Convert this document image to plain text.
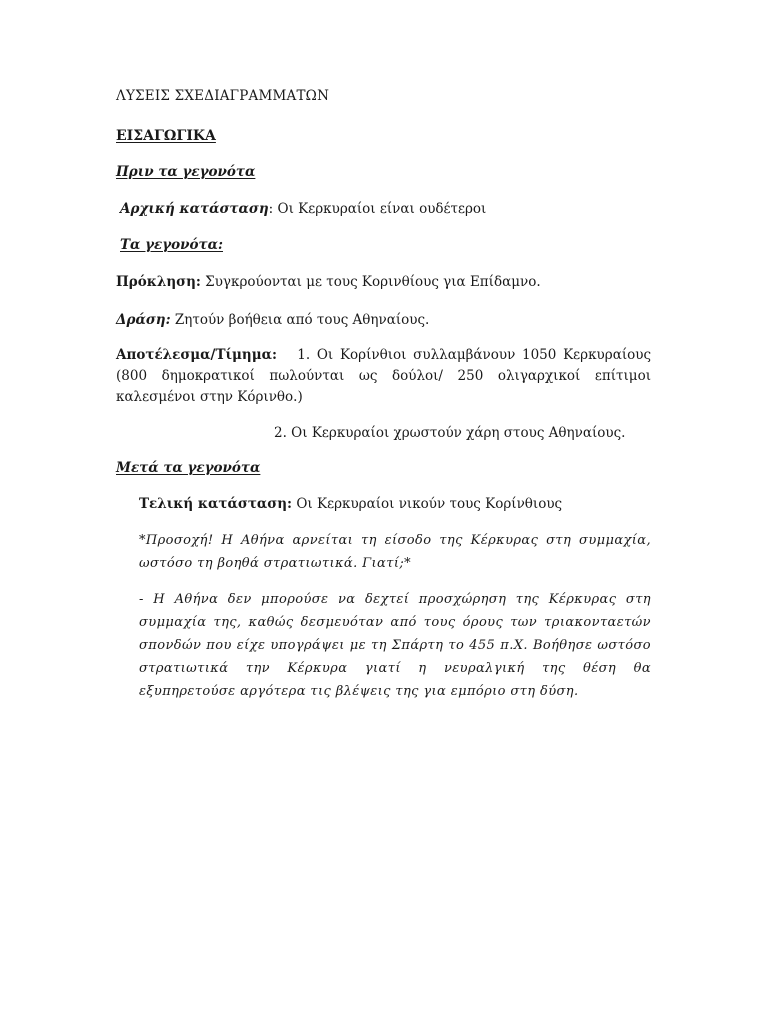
ΛΥΣΕΙΣ ΣΧΕΔΙΑΓΡΑΜΜΑΤΩΝ
ΕΙΣΑΓΩΓΙΚΑ
Πριν τα γεγονότα
Αρχική κατάσταση: Οι Κερκυραίοι είναι ουδέτεροι
Τα γεγονότα:
Πρόκληση: Συγκρούονται με τους Κορινθίους για Επίδαμνο.
Δράση: Ζητούν βοήθεια από τους Αθηναίους.
Αποτέλεσμα/Τίμημα: 1. Οι Κορίνθιοι συλλαμβάνουν 1050 Κερκυραίους
(800 δημοκρατικοί πωλούνται ως δούλοι/ 250 ολιγαρχικοί επίτιμοι
καλεσμένοι στην Κόρινθο.)
2. Οι Κερκυραίοι χρωστούν χάρη στους Αθηναίους.
Μετά τα γεγονότα
Τελική κατάσταση: Οι Κερκυραίοι νικούν τους Κορίνθιους
*Προσοχή! Η Αθήνα αρνείται τη είσοδο της Κέρκυρας στη συμμαχία,
ωστόσο τη βοηθά στρατιωτικά. Γιατί;*
- Η Αθήνα δεν μπορούσε να δεχτεί προσχώρηση της Κέρκυρας στη
συμμαχία της, καθώς δεσμευόταν από τους όρους των τριακονταετών
σπονδών που είχε υπογράψει με τη Σπάρτη το 455 π.Χ. Βοήθησε ωστόσο
στρατιωτικά την Κέρκυρα γιατί η νευραλγική της θέση θα
εξυπηρετούσε αργότερα τις βλέψεις της για εμπόριο στη δύση.
